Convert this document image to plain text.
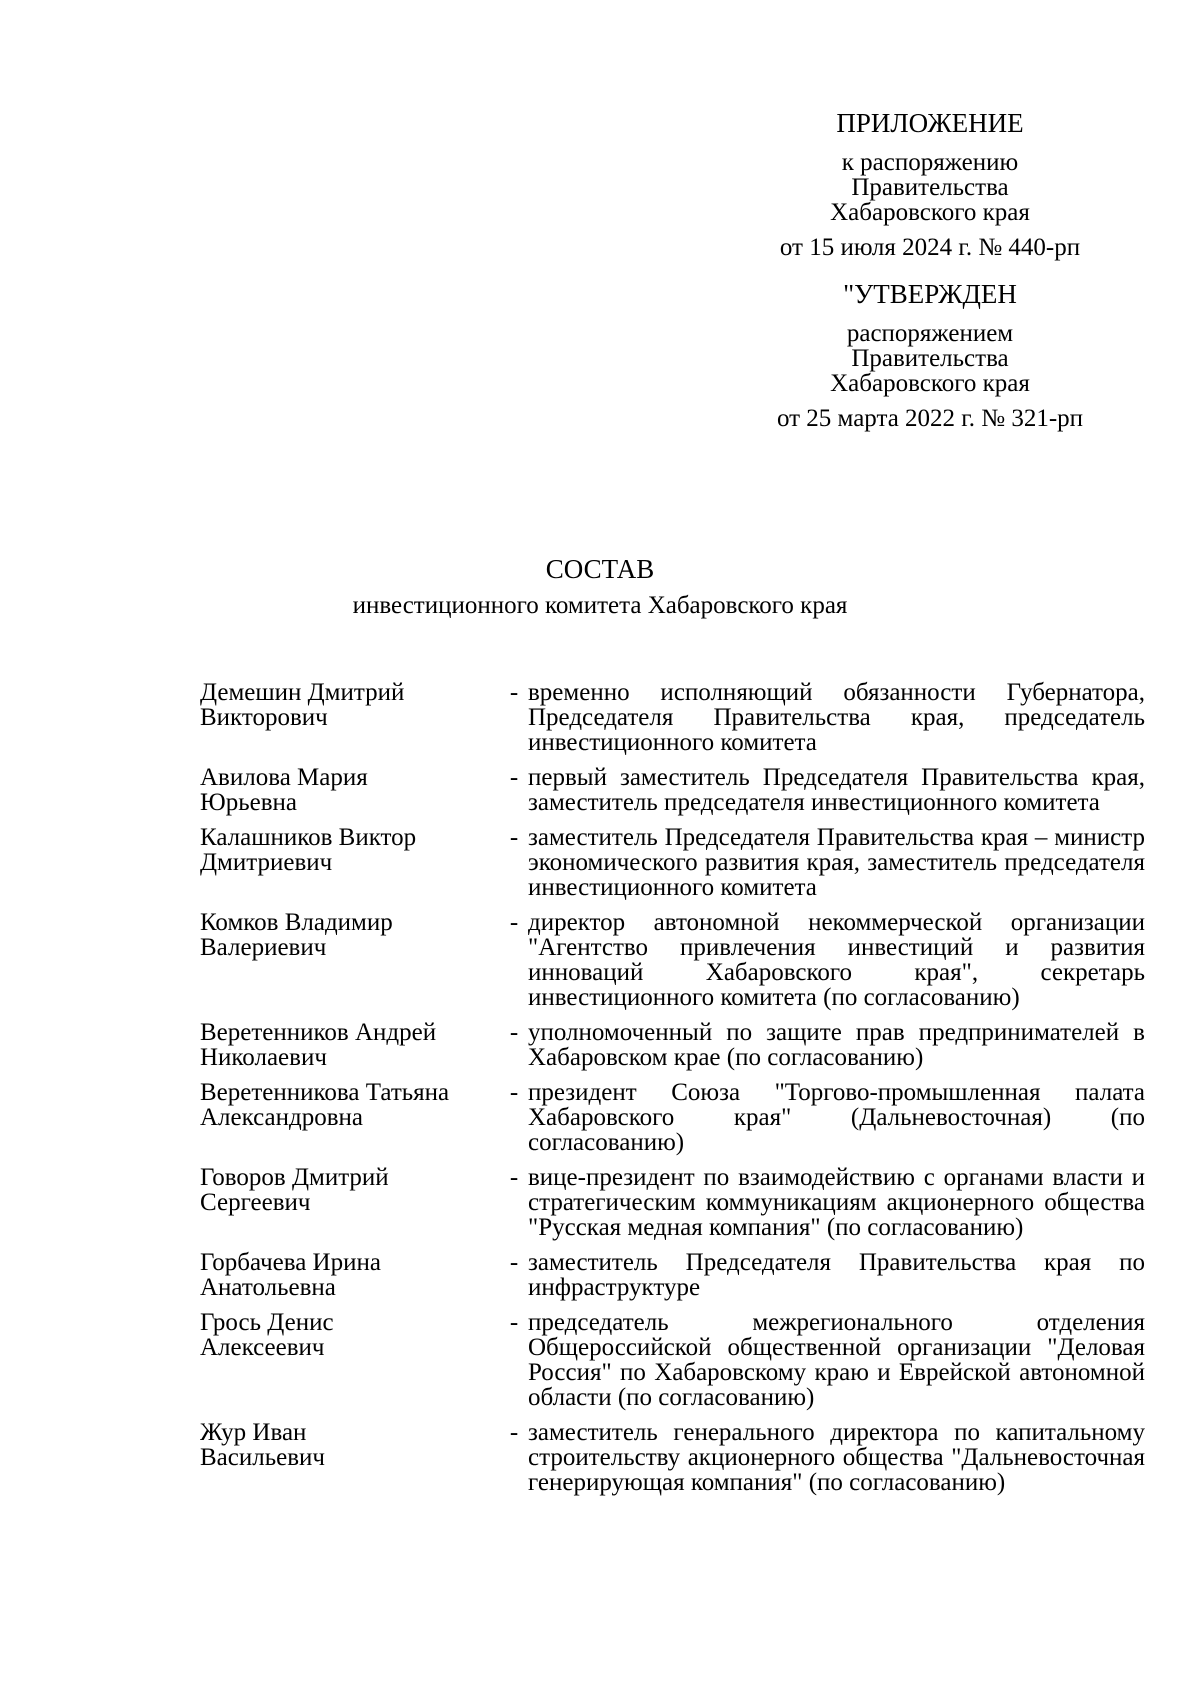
ПРИЛОЖЕНИЕ
к распоряжению
Правительства
Хабаровского края
от 15 июля 2024 г. № 440-рп
"УТВЕРЖДЕН
распоряжением
Правительства
Хабаровского края
от 25 марта 2022 г. № 321-рп
СОСТАВ
инвестиционного комитета Хабаровского края
Демешин Дмитрий
Викторович
- временно исполняющий обязанности Губернатора, Председателя Правительства края, председатель инвестиционного комитета
Авилова Мария
Юрьевна
- первый заместитель Председателя Правительства края, заместитель председателя инвестиционного комитета
Калашников Виктор
Дмитриевич
- заместитель Председателя Правительства края – министр экономического развития края, заместитель председателя инвестиционного комитета
Комков Владимир
Валериевич
- директор автономной некоммерческой организации "Агентство привлечения инвестиций и развития инноваций Хабаровского края", секретарь инвестиционного комитета (по согласованию)
Веретенников Андрей
Николаевич
- уполномоченный по защите прав предпринимателей в Хабаровском крае (по согласованию)
Веретенникова Татьяна
Александровна
- президент Союза "Торгово-промышленная палата Хабаровского края" (Дальневосточная) (по согласованию)
Говоров Дмитрий
Сергеевич
- вице-президент по взаимодействию с органами власти и стратегическим коммуникациям акционерного общества "Русская медная компания" (по согласованию)
Горбачева Ирина
Анатольевна
- заместитель Председателя Правительства края по инфраструктуре
Грось Денис
Алексеевич
- председатель межрегионального отделения Общероссийской общественной организации "Деловая Россия" по Хабаровскому краю и Еврейской автономной области (по согласованию)
Жур Иван
Васильевич
- заместитель генерального директора по капитальному строительству акционерного общества "Дальневосточная генерирующая компания" (по согласованию)
